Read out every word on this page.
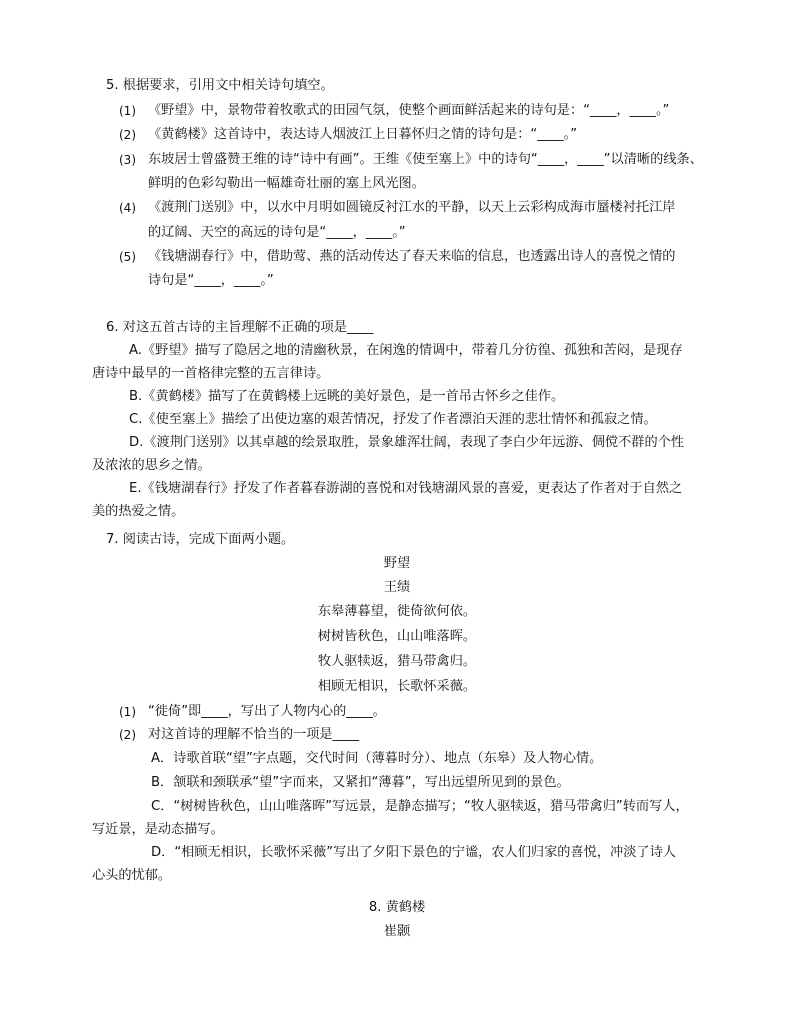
5. 根据要求，引用文中相关诗句填空。
(1) 《野望》中，景物带着牧歌式的田园气氛，使整个画面鲜活起来的诗句是：“____，____。”
(2) 《黄鹤楼》这首诗中，表达诗人烟波江上日暮怀归之情的诗句是：“____。”
(3) 东坡居士曾盛赞王维的诗“诗中有画”。王维《使至塞上》中的诗句“____，____”以清晰的线条、
鲜明的色彩勾勒出一幅雄奇壮丽的塞上风光图。
(4) 《渡荆门送别》中，以水中月明如圆镜反衬江水的平静，以天上云彩构成海市蜃楼衬托江岸
的辽阔、天空的高远的诗句是“____，____。”
(5) 《钱塘湖春行》中，借助莺、燕的活动传达了春天来临的信息，也透露出诗人的喜悦之情的
诗句是“____，____。”
6. 对这五首古诗的主旨理解不正确的项是____
A.《野望》描写了隐居之地的清幽秋景，在闲逸的情调中，带着几分彷徨、孤独和苦闷，是现存
唐诗中最早的一首格律完整的五言律诗。
B.《黄鹤楼》描写了在黄鹤楼上远眺的美好景色，是一首吊古怀乡之佳作。
C.《使至塞上》描绘了出使边塞的艰苦情况，抒发了作者漂泊天涯的悲壮情怀和孤寂之情。
D.《渡荆门送别》以其卓越的绘景取胜，景象雄浑壮阔，表现了李白少年远游、倜傥不群的个性
及浓浓的思乡之情。
E.《钱塘湖春行》抒发了作者暮春游湖的喜悦和对钱塘湖风景的喜爱，更表达了作者对于自然之
美的热爱之情。
7. 阅读古诗，完成下面两小题。
野望
王绩
东皋薄暮望，徙倚欲何依。
树树皆秋色，山山唯落晖。
牧人驱犊返，猎马带禽归。
相顾无相识，长歌怀采薇。
(1) “徙倚”即____，写出了人物内心的____。
(2) 对这首诗的理解不恰当的一项是____
A．诗歌首联“望”字点题，交代时间（薄暮时分）、地点（东皋）及人物心情。
B．颔联和颈联承“望”字而来，又紧扣“薄暮”，写出远望所见到的景色。
C．“树树皆秋色，山山唯落晖”写远景，是静态描写；“牧人驱犊返，猎马带禽归”转而写人，
写近景，是动态描写。
D．“相顾无相识，长歌怀采薇”写出了夕阳下景色的宁谧，农人们归家的喜悦，冲淡了诗人
心头的忧郁。
8. 黄鹤楼
崔颢
